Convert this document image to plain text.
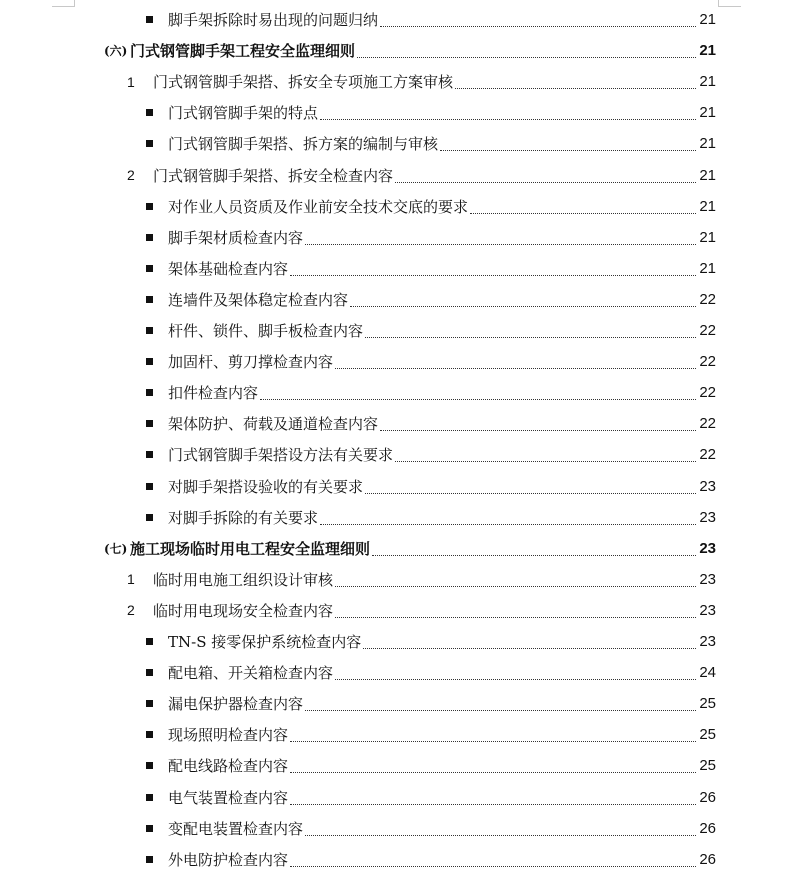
脚手架拆除时易出现的问题归纳	21
(六) 门式钢管脚手架工程安全监理细则	21
1	门式钢管脚手架搭、拆安全专项施工方案审核	21
门式钢管脚手架的特点	21
门式钢管脚手架搭、拆方案的编制与审核	21
2	门式钢管脚手架搭、拆安全检查内容	21
对作业人员资质及作业前安全技术交底的要求	21
脚手架材质检查内容	21
架体基础检查内容	21
连墙件及架体稳定检查内容	22
杆件、锁件、脚手板检查内容	22
加固杆、剪刀撑检查内容	22
扣件检查内容	22
架体防护、荷载及通道检查内容	22
门式钢管脚手架搭设方法有关要求	22
对脚手架搭设验收的有关要求	23
对脚手拆除的有关要求	23
(七) 施工现场临时用电工程安全监理细则	23
1	临时用电施工组织设计审核	23
2	临时用电现场安全检查内容	23
TN-S 接零保护系统检查内容	23
配电箱、开关箱检查内容	24
漏电保护器检查内容	25
现场照明检查内容	25
配电线路检查内容	25
电气装置检查内容	26
变配电装置检查内容	26
外电防护检查内容	26
